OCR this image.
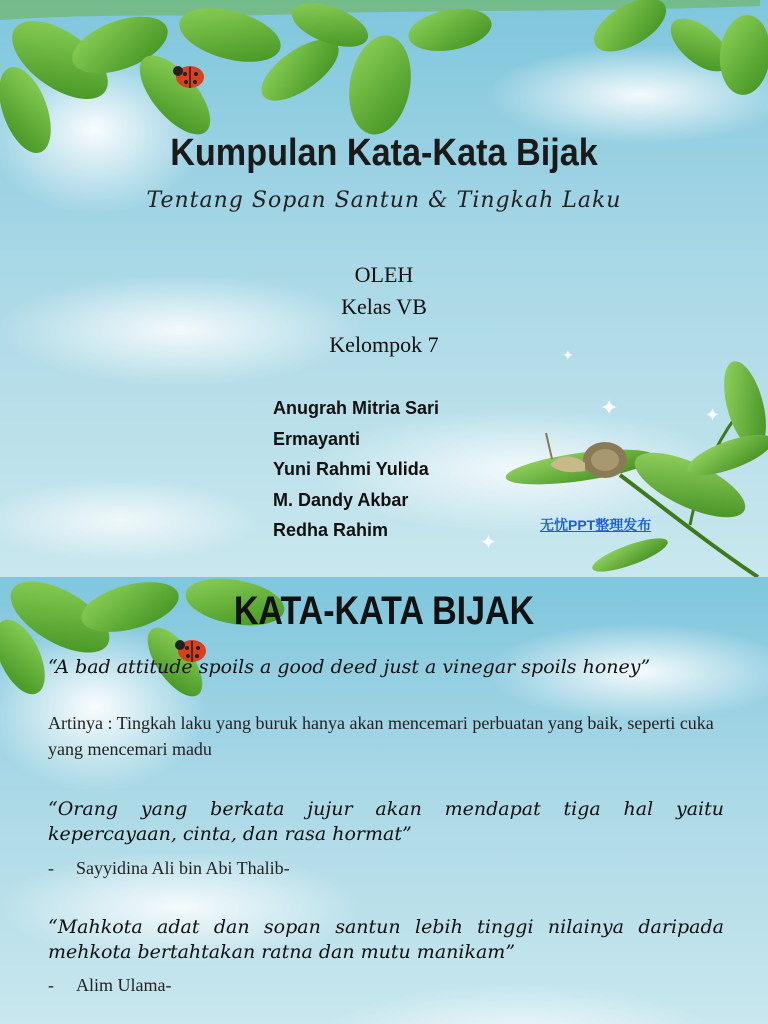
Kumpulan Kata-Kata Bijak

Tentang Sopan Santun & Tingkah Laku

OLEH

Kelas VB

Kelompok 7

Anugrah Mitria Sari

Ermayanti

Yuni Rahmi Yulida

M. Dandy Akbar

Redha Rahim

✦
✦	✦
✦

无忧PPT整理发布

KATA-KATA BIJAK

“A bad attitude spoils a good deed just a vinegar spoils honey”

Artinya : Tingkah laku yang buruk hanya akan mencemari perbuatan yang baik, seperti cuka yang mencemari madu

“Orang yang berkata jujur akan mendapat tiga hal yaitu kepercayaan, cinta, dan rasa hormat”

- Sayyidina Ali bin Abi Thalib-

“Mahkota adat dan sopan santun lebih tinggi nilainya daripada mehkota bertahtakan ratna dan mutu manikam”

- Alim Ulama-
